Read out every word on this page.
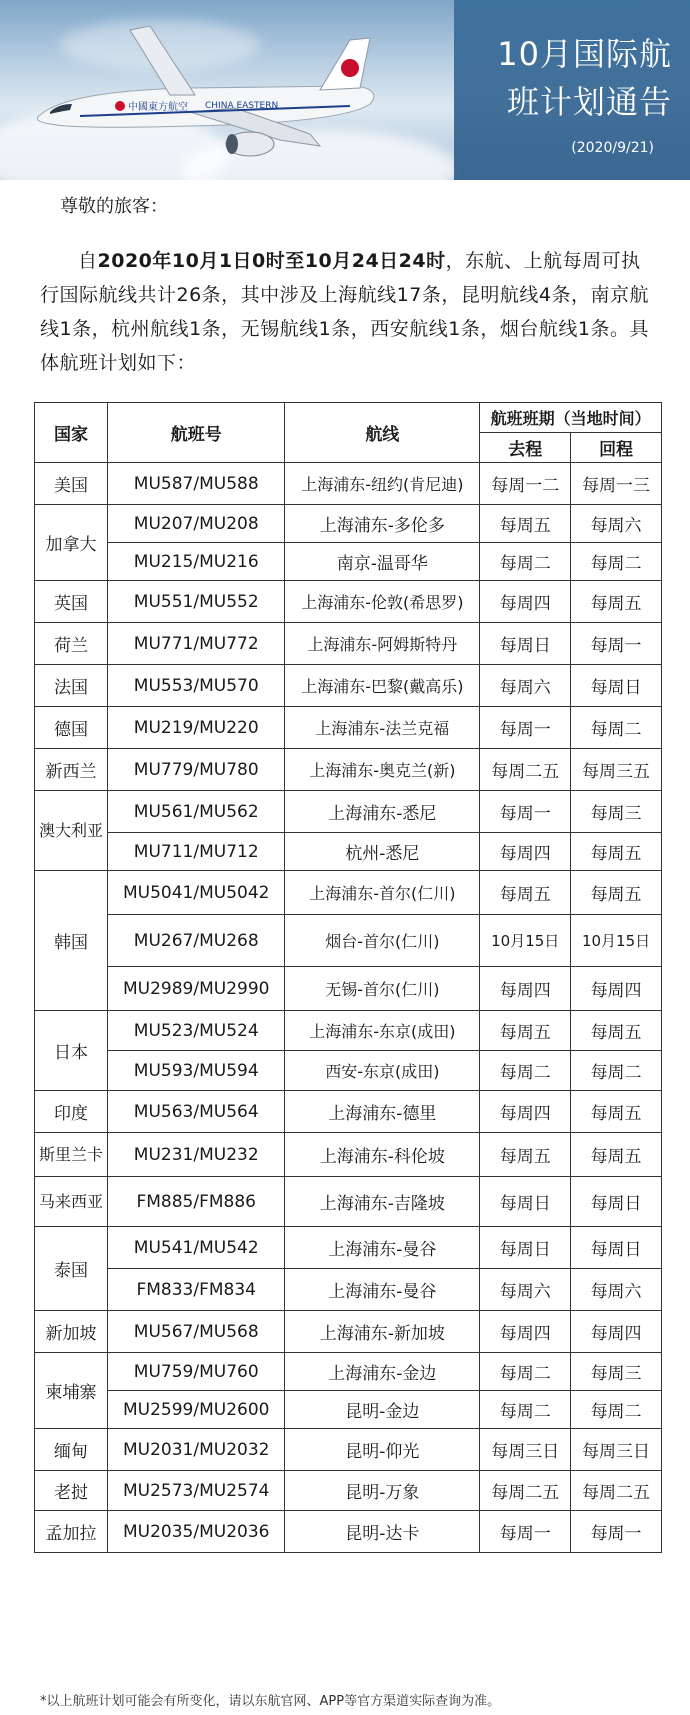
中國東方航空 CHINA EASTERN
10月国际航
班计划通告
(2020/9/21)
尊敬的旅客：
自2020年10月1日0时至10月24日24时，东航、上航每周可执行国际航线共计26条，其中涉及上海航线17条，昆明航线4条，南京航线1条，杭州航线1条，无锡航线1条，西安航线1条，烟台航线1条。具体航班计划如下：
国家	航班号	航线	航班班期（当地时间）	
			去程	回程
美国	MU587/MU588	上海浦东-纽约(肯尼迪)	每周一二	每周一三
加拿大	MU207/MU208	上海浦东-多伦多	每周五	每周六
	MU215/MU216	南京-温哥华	每周二	每周二
英国	MU551/MU552	上海浦东-伦敦(希思罗)	每周四	每周五
荷兰	MU771/MU772	上海浦东-阿姆斯特丹	每周日	每周一
法国	MU553/MU570	上海浦东-巴黎(戴高乐)	每周六	每周日
德国	MU219/MU220	上海浦东-法兰克福	每周一	每周二
新西兰	MU779/MU780	上海浦东-奥克兰(新)	每周二五	每周三五
澳大利亚	MU561/MU562	上海浦东-悉尼	每周一	每周三
	MU711/MU712	杭州-悉尼	每周四	每周五
韩国	MU5041/MU5042	上海浦东-首尔(仁川)	每周五	每周五
	MU267/MU268	烟台-首尔(仁川)	10月15日	10月15日
	MU2989/MU2990	无锡-首尔(仁川)	每周四	每周四
日本	MU523/MU524	上海浦东-东京(成田)	每周五	每周五
	MU593/MU594	西安-东京(成田)	每周二	每周二
印度	MU563/MU564	上海浦东-德里	每周四	每周五
斯里兰卡	MU231/MU232	上海浦东-科伦坡	每周五	每周五
马来西亚	FM885/FM886	上海浦东-吉隆坡	每周日	每周日
泰国	MU541/MU542	上海浦东-曼谷	每周日	每周日
	FM833/FM834	上海浦东-曼谷	每周六	每周六
新加坡	MU567/MU568	上海浦东-新加坡	每周四	每周四
柬埔寨	MU759/MU760	上海浦东-金边	每周二	每周三
	MU2599/MU2600	昆明-金边	每周二	每周二
缅甸	MU2031/MU2032	昆明-仰光	每周三日	每周三日
老挝	MU2573/MU2574	昆明-万象	每周二五	每周二五
孟加拉	MU2035/MU2036	昆明-达卡	每周一	每周一
*以上航班计划可能会有所变化，请以东航官网、APP等官方渠道实际查询为准。
